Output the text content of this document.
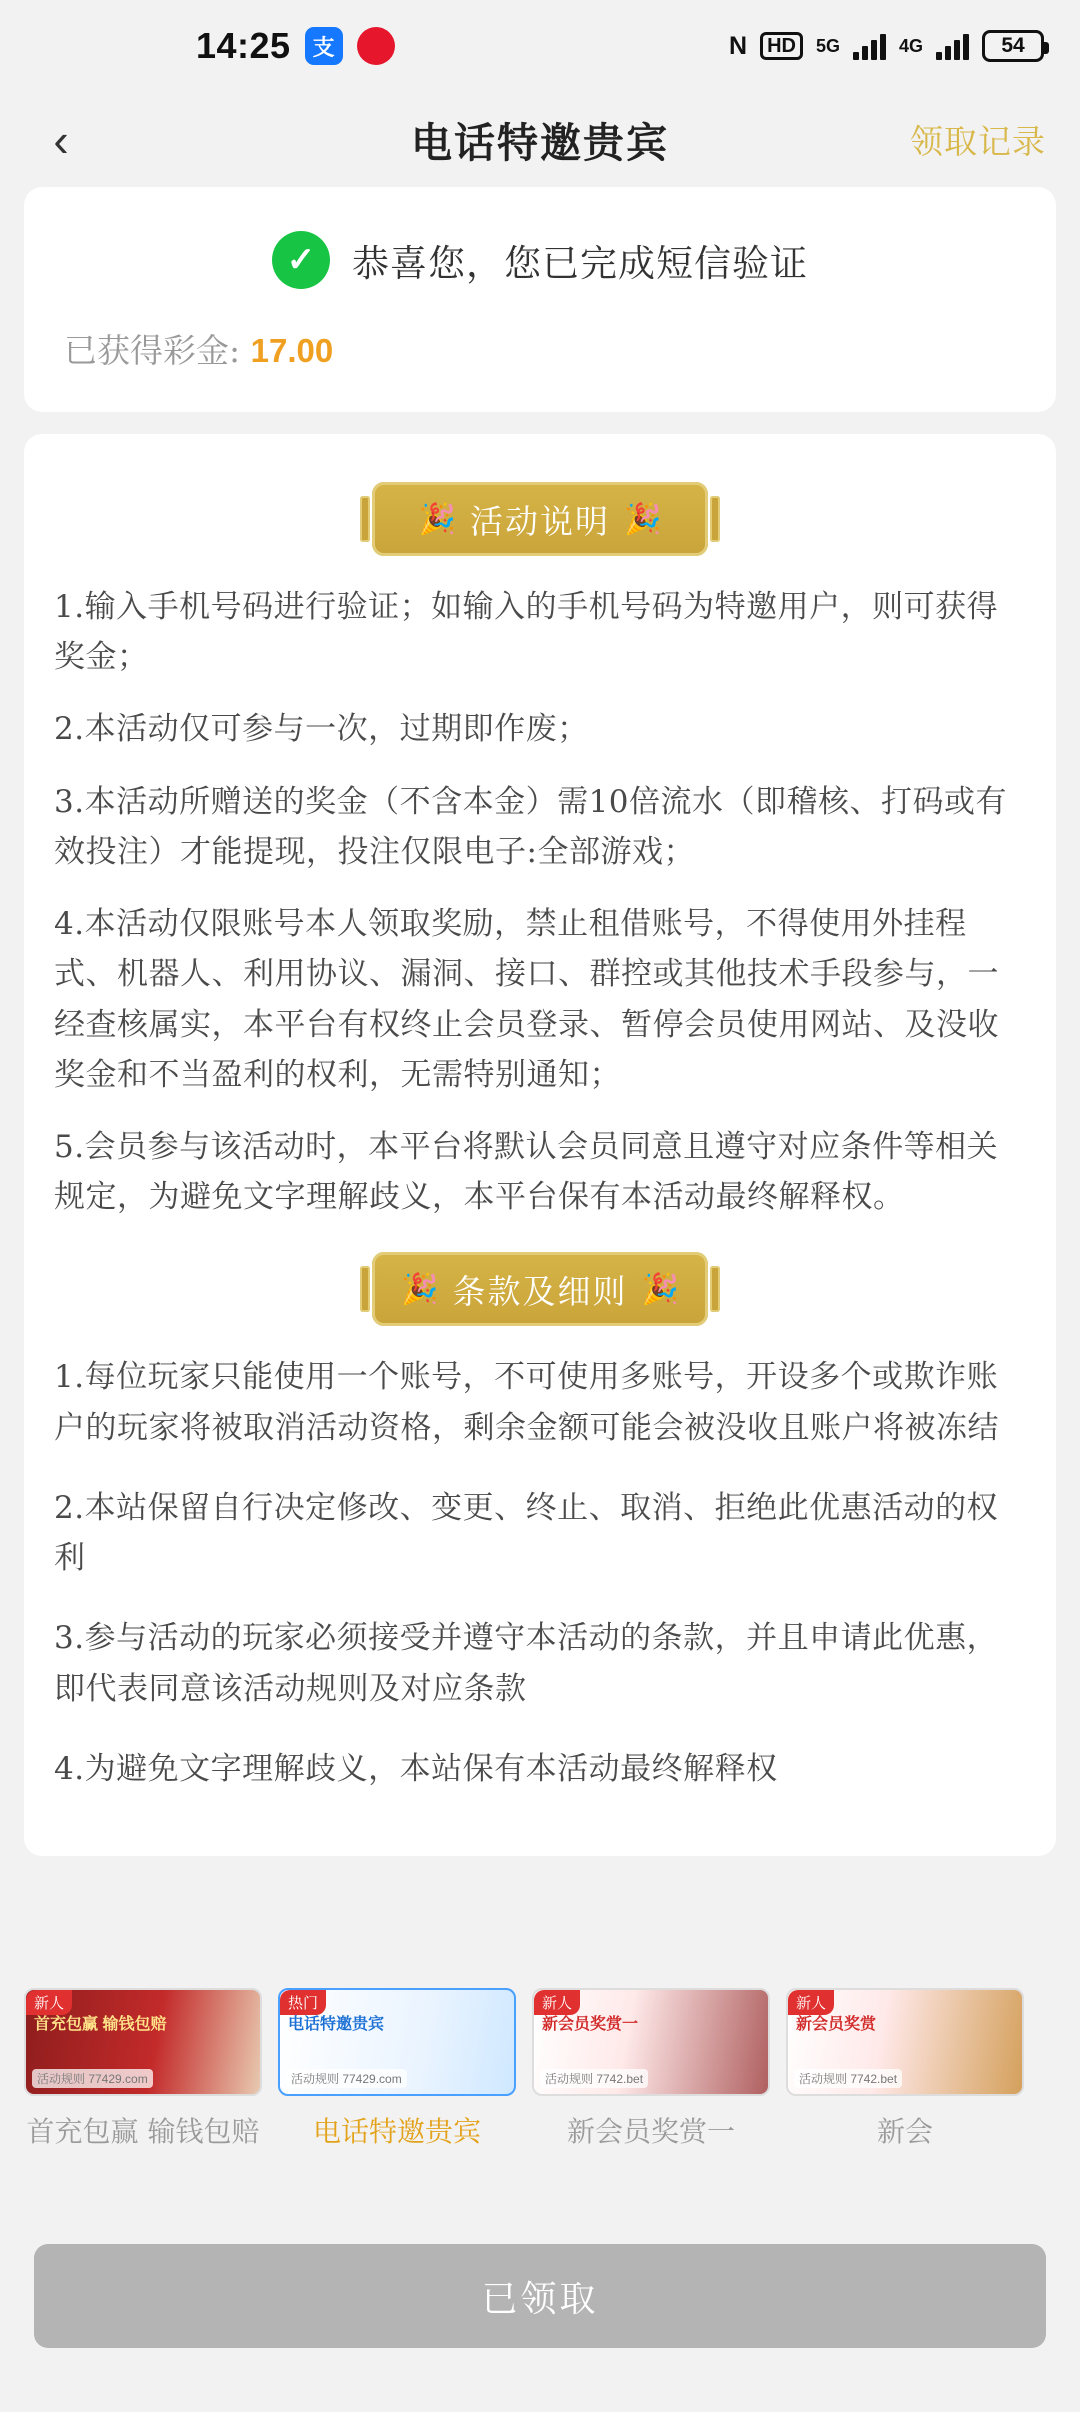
14:25 支	N	HD	5G	4G	54
‹	电话特邀贵宾	领取记录
✓ 恭喜您，您已完成短信验证
已获得彩金: 17.00
🎉 活动说明 🎉

1.输入手机号码进行验证；如输入的手机号码为特邀用户，则可获得奖金；

2.本活动仅可参与一次，过期即作废；

3.本活动所赠送的奖金（不含本金）需10倍流水（即稽核、打码或有效投注）才能提现，投注仅限电子:全部游戏；

4.本活动仅限账号本人领取奖励，禁止租借账号，不得使用外挂程式、机器人、利用协议、漏洞、接口、群控或其他技术手段参与，一经查核属实，本平台有权终止会员登录、暂停会员使用网站、及没收奖金和不当盈利的权利，无需特别通知；

5.会员参与该活动时，本平台将默认会员同意且遵守对应条件等相关规定，为避免文字理解歧义，本平台保有本活动最终解释权。

🎉 条款及细则 🎉

1.每位玩家只能使用一个账号，不可使用多账号，开设多个或欺诈账户的玩家将被取消活动资格，剩余金额可能会被没收且账户将被冻结

2.本站保留自行决定修改、变更、终止、取消、拒绝此优惠活动的权利

3.参与活动的玩家必须接受并遵守本活动的条款，并且申请此优惠，即代表同意该活动规则及对应条款

4.为避免文字理解歧义，本站保有本活动最终解释权

新人
首充包赢 输钱包赔
活动规则 77429.com
首充包赢 输钱包赔
热门
电话特邀贵宾
活动规则 77429.com
电话特邀贵宾
新人
新会员奖赏一
活动规则 7742.bet
新会员奖赏一
新人
新会员奖赏
活动规则 7742.bet
新会
已领取
